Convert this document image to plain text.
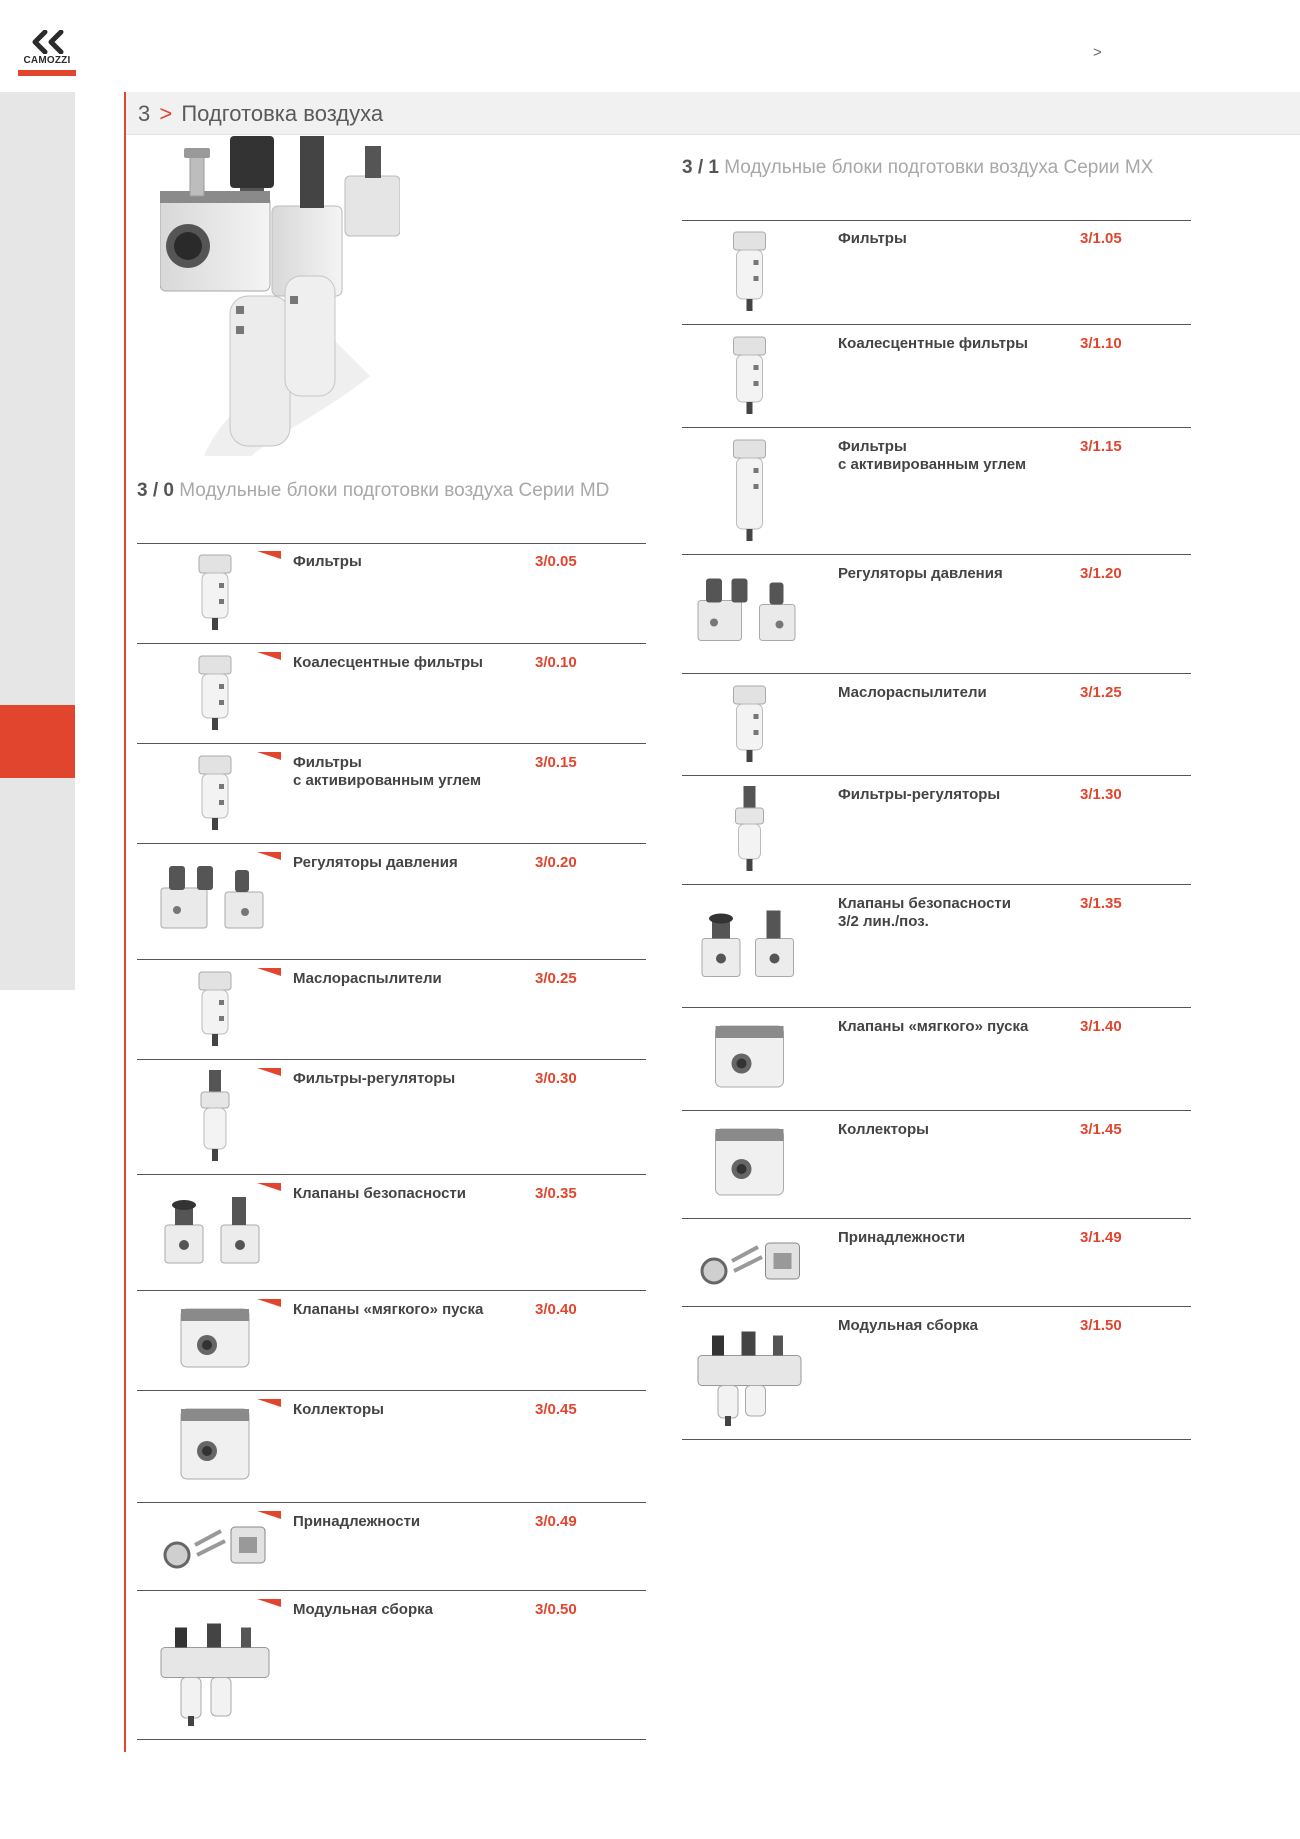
CAMOZZI	>
3 > Подготовка воздуха
3 / 0 Модульные блоки подготовки воздуха Серии MD
3 / 1 Модульные блоки подготовки воздуха Серии MX
Фильтры	3/0.05
Коалесцентные фильтры	3/0.10
Фильтры
с активированным углем
3/0.15
Регуляторы давления	3/0.20
Маслораспылители	3/0.25
Фильтры-регуляторы	3/0.30
Клапаны безопасности	3/0.35
Клапаны «мягкого» пуска	3/0.40
Коллекторы	3/0.45
Принадлежности	3/0.49
Модульная сборка	3/0.50
Фильтры	3/1.05
Коалесцентные фильтры	3/1.10
Фильтры
с активированным углем
3/1.15
Регуляторы давления	3/1.20
Маслораспылители	3/1.25
Фильтры-регуляторы	3/1.30
Клапаны безопасности
3/2 лин./поз.
3/1.35
Клапаны «мягкого» пуска	3/1.40
Коллекторы	3/1.45
Принадлежности	3/1.49
Модульная сборка	3/1.50
